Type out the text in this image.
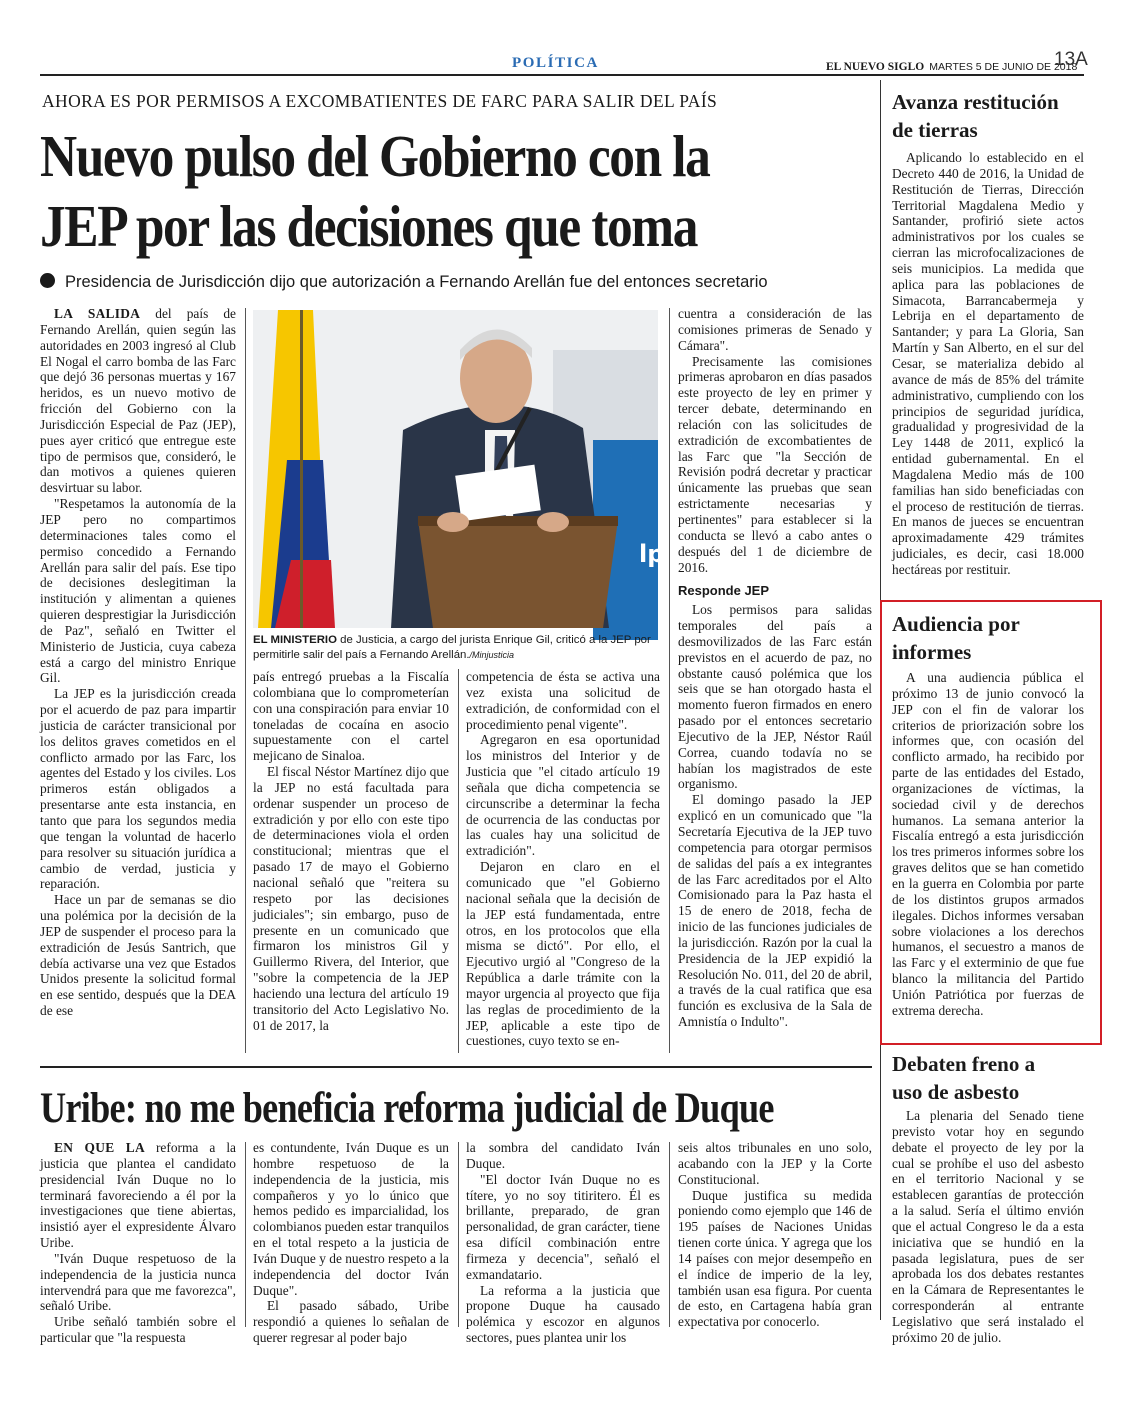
POLÍTICA	EL NUEVO SIGLO MARTES 5 DE JUNIO DE 2018
13A
AHORA ES POR PERMISOS A EXCOMBATIENTES DE FARC PARA SALIR DEL PAÍS
Nuevo pulso del Gobierno con la
JEP por las decisiones que toma
Presidencia de Jurisdicción dijo que autorización a Fernando Arellán fue del entonces secretario

LA SALIDA del país de Fernando Arellán, quien según las autoridades en 2003 ingresó al Club El Nogal el carro bomba de las Farc que dejó 36 personas muertas y 167 heridos, es un nuevo motivo de fricción del Gobierno con la Jurisdicción Especial de Paz (JEP), pues ayer criticó que entregue este tipo de permisos que, consideró, le dan motivos a quienes quieren desvirtuar su labor.

"Respetamos la autonomía de la JEP pero no compartimos determinaciones tales como el permiso concedido a Fernando Arellán para salir del país. Ese tipo de decisiones deslegitiman la institución y alimentan a quienes quieren desprestigiar la Jurisdicción de Paz", señaló en Twitter el Ministerio de Justicia, cuya cabeza está a cargo del ministro Enrique Gil.

La JEP es la jurisdicción creada por el acuerdo de paz para impartir justicia de carácter transicional por los delitos graves cometidos en el conflicto armado por las Farc, los agentes del Estado y los civiles. Los primeros están obligados a presentarse ante esta instancia, en tanto que para los segundos media que tengan la voluntad de hacerlo para resolver su situación jurídica a cambio de verdad, justicia y reparación.

Hace un par de semanas se dio una polémica por la decisión de la JEP de suspender el proceso para la extradición de Jesús Santrich, que debía activarse una vez que Estados Unidos presente la solicitud formal en ese sentido, después que la DEA de ese

lp
EL MINISTERIO de Justicia, a cargo del jurista Enrique Gil, criticó a la JEP por permitirle salir del país a Fernando Arellán./Minjusticia

país entregó pruebas a la Fiscalía colombiana que lo comprometerían con una conspiración para enviar 10 toneladas de cocaína en asocio supuestamente con el cartel mejicano de Sinaloa.

El fiscal Néstor Martínez dijo que la JEP no está facultada para ordenar suspender un proceso de extradición y por ello con este tipo de determinaciones viola el orden constitucional; mientras que el pasado 17 de mayo el Gobierno nacional señaló que "reitera su respeto por las decisiones judiciales"; sin embargo, puso de presente en un comunicado que firmaron los ministros Gil y Guillermo Rivera, del Interior, que "sobre la competencia de la JEP haciendo una lectura del artículo 19 transitorio del Acto Legislativo No. 01 de 2017, la

competencia de ésta se activa una vez exista una solicitud de extradición, de conformidad con el procedimiento penal vigente".

Agregaron en esa oportunidad los ministros del Interior y de Justicia que "el citado artículo 19 señala que dicha competencia se circunscribe a determinar la fecha de ocurrencia de las conductas por las cuales hay una solicitud de extradición".

Dejaron en claro en el comunicado que "el Gobierno nacional señala que la decisión de la JEP está fundamentada, entre otros, en los protocolos que ella misma se dictó". Por ello, el Ejecutivo urgió al "Congreso de la República a darle trámite con la mayor urgencia al proyecto que fija las reglas de procedimiento de la JEP, aplicable a este tipo de cuestiones, cuyo texto se en-

cuentra a consideración de las comisiones primeras de Senado y Cámara".

Precisamente las comisiones primeras aprobaron en días pasados este proyecto de ley en primer y tercer debate, determinando en relación con las solicitudes de extradición de excombatientes de las Farc que "la Sección de Revisión podrá decretar y practicar únicamente las pruebas que sean estrictamente necesarias y pertinentes" para establecer si la conducta se llevó a cabo antes o después del 1 de diciembre de 2016.

Responde JEP

Los permisos para salidas temporales del país a desmovilizados de las Farc están previstos en el acuerdo de paz, no obstante causó polémica que los seis que se han otorgado hasta el momento fueron firmados en enero pasado por el entonces secretario Ejecutivo de la JEP, Néstor Raúl Correa, cuando todavía no se habían los magistrados de este organismo.

El domingo pasado la JEP explicó en un comunicado que "la Secretaría Ejecutiva de la JEP tuvo competencia para otorgar permisos de salidas del país a ex integrantes de las Farc acreditados por el Alto Comisionado para la Paz hasta el 15 de enero de 2018, fecha de inicio de las funciones judiciales de la jurisdicción. Razón por la cual la Presidencia de la JEP expidió la Resolución No. 011, del 20 de abril, a través de la cual ratifica que esa función es exclusiva de la Sala de Amnistía o Indulto".

Avanza restitución de tierras

Aplicando lo establecido en el Decreto 440 de 2016, la Unidad de Restitución de Tierras, Dirección Territorial Magdalena Medio y Santander, profirió siete actos administrativos por los cuales se cierran las microfocalizaciones de seis municipios. La medida que aplica para las poblaciones de Simacota, Barrancabermeja y Lebrija en el departamento de Santander; y para La Gloria, San Martín y San Alberto, en el sur del Cesar, se materializa debido al avance de más de 85% del trámite administrativo, cumpliendo con los principios de seguridad jurídica, gradualidad y progresividad de la Ley 1448 de 2011, explicó la entidad gubernamental. En el Magdalena Medio más de 100 familias han sido beneficiadas con el proceso de restitución de tierras. En manos de jueces se encuentran aproximadamente 429 trámites judiciales, es decir, casi 18.000 hectáreas por restituir.

Audiencia por informes

A una audiencia pública el próximo 13 de junio convocó la JEP con el fin de valorar los criterios de priorización sobre los informes que, con ocasión del conflicto armado, ha recibido por parte de las entidades del Estado, organizaciones de víctimas, la sociedad civil y de derechos humanos. La semana anterior la Fiscalía entregó a esta jurisdicción los tres primeros informes sobre los graves delitos que se han cometido en la guerra en Colombia por parte de los distintos grupos armados ilegales. Dichos informes versaban sobre violaciones a los derechos humanos, el secuestro a manos de las Farc y el exterminio de que fue blanco la militancia del Partido Unión Patriótica por fuerzas de extrema derecha.

Debaten freno a uso de asbesto

La plenaria del Senado tiene previsto votar hoy en segundo debate el proyecto de ley por la cual se prohíbe el uso del asbesto en el territorio Nacional y se establecen garantías de protección a la salud. Sería el último envión que el actual Congreso le da a esta iniciativa que se hundió en la pasada legislatura, pues de ser aprobada los dos debates restantes en la Cámara de Representantes le corresponderán al entrante Legislativo que será instalado el próximo 20 de julio.

Uribe: no me beneficia reforma judicial de Duque

EN QUE LA reforma a la justicia que plantea el candidato presidencial Iván Duque no lo terminará favoreciendo a él por la investigaciones que tiene abiertas, insistió ayer el expresidente Álvaro Uribe.

"Iván Duque respetuoso de la independencia de la justicia nunca intervendrá para que me favorezca", señaló Uribe.

Uribe señaló también sobre el particular que "la respuesta

es contundente, Iván Duque es un hombre respetuoso de la independencia de la justicia, mis compañeros y yo lo único que hemos pedido es imparcialidad, los colombianos pueden estar tranquilos en el total respeto a la justicia de Iván Duque y de nuestro respeto a la independencia del doctor Iván Duque".

El pasado sábado, Uribe respondió a quienes lo señalan de querer regresar al poder bajo

la sombra del candidato Iván Duque.

"El doctor Iván Duque no es títere, yo no soy titiritero. Él es brillante, preparado, de gran personalidad, de gran carácter, tiene esa difícil combinación entre firmeza y decencia", señaló el exmandatario.

La reforma a la justicia que propone Duque ha causado polémica y escozor en algunos sectores, pues plantea unir los

seis altos tribunales en uno solo, acabando con la JEP y la Corte Constitucional.

Duque justifica su medida poniendo como ejemplo que 146 de 195 países de Naciones Unidas tienen corte única. Y agrega que los 14 países con mejor desempeño en el índice de imperio de la ley, también usan esa figura. Por cuenta de esto, en Cartagena había gran expectativa por conocerlo.
